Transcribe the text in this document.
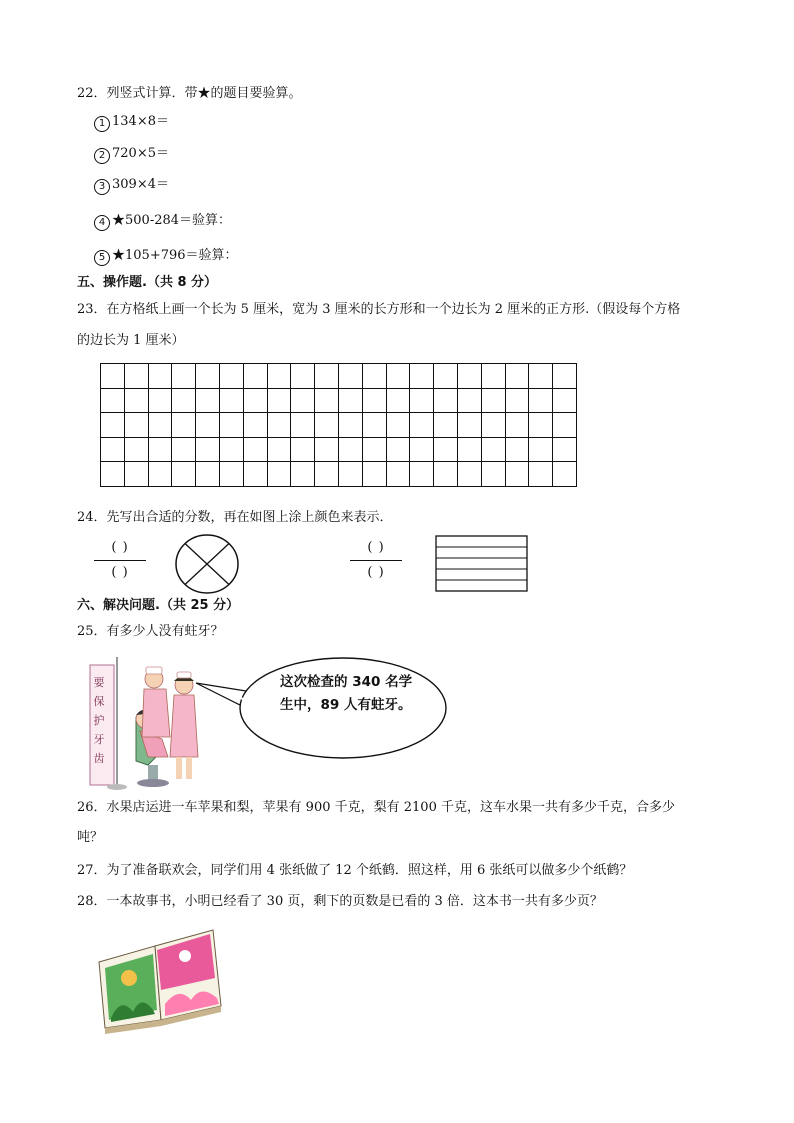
22．列竖式计算．带★的题目要验算。
1 134×8＝
2 720×5＝
3 309×4＝
4 ★500-284＝验算：
5 ★105+796＝验算：
五、操作题.（共 8 分）
23．在方格纸上画一个长为 5 厘米，宽为 3 厘米的长方形和一个边长为 2 厘米的正方形.（假设每个方格
的边长为 1 厘米）

24．先写出合适的分数，再在如图上涂上颜色来表示．
( )
( )
( )
( )
六、解决问题.（共 25 分）
25．有多少人没有蛀牙？
要
保
护
牙
齿
这次检查的 340 名学生中，89 人有蛀牙。
26．水果店运进一车苹果和梨，苹果有 900 千克，梨有 2100 千克，这车水果一共有多少千克，合多少
吨？
27．为了准备联欢会，同学们用 4 张纸做了 12 个纸鹤．照这样，用 6 张纸可以做多少个纸鹤？
28．一本故事书，小明已经看了 30 页，剩下的页数是已看的 3 倍．这本书一共有多少页？
